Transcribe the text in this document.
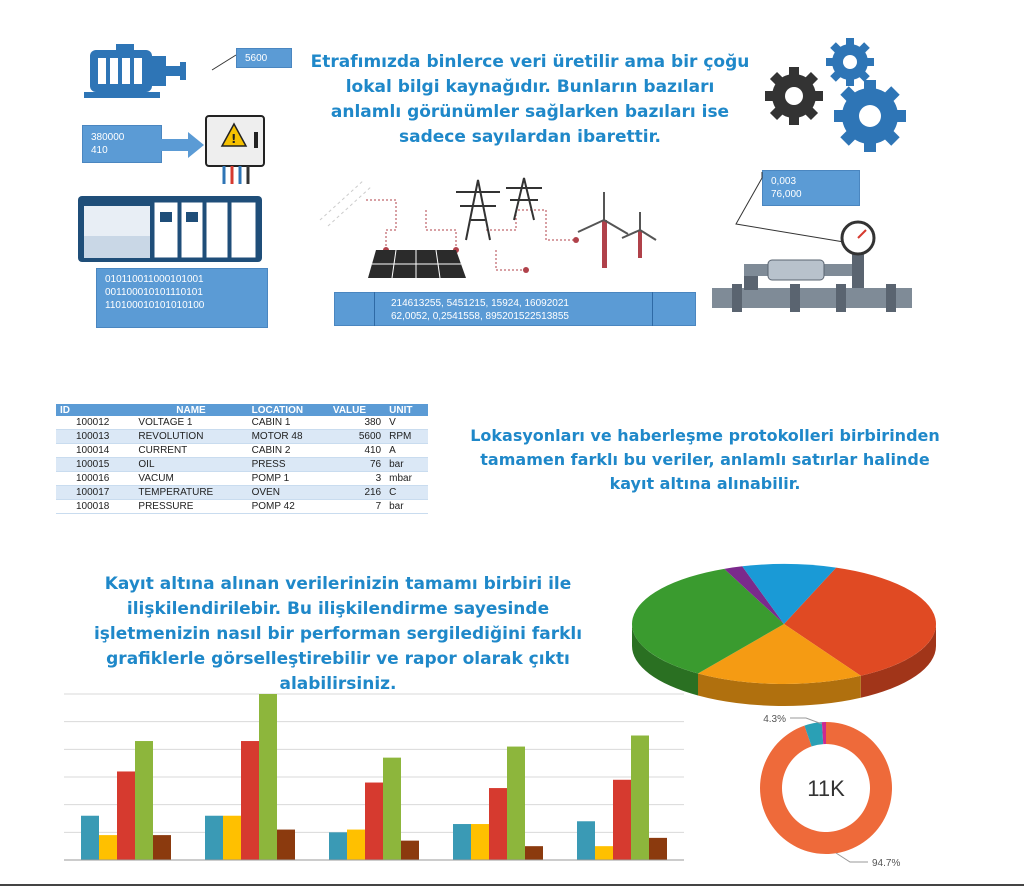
5600
380000
410
!
010110011000101001
001100010101110101
110100010101010100
Etrafımızda binlerce veri üretilir ama bir çoğu lokal bilgi kaynağıdır. Bunların bazıları anlamlı görünümler sağlarken bazıları ise sadece sayılardan ibarettir.
214613255, 5451215, 15924, 16092021
62,0052, 0,2541558, 895201522513855
0,003
76,000
ID	NAME	LOCATION	VALUE	UNIT
100012	VOLTAGE 1	CABIN 1	380	V
100013	REVOLUTION	MOTOR 48	5600	RPM
100014	CURRENT	CABIN 2	410	A
100015	OIL	PRESS	76	bar
100016	VACUM	POMP 1	3	mbar
100017	TEMPERATURE	OVEN	216	C
100018	PRESSURE	POMP 42	7	bar
Lokasyonları ve haberleşme protokolleri birbirinden tamamen farklı bu veriler, anlamlı satırlar halinde kayıt altına alınabilir.
Kayıt altına alınan verilerinizin tamamı birbiri ile ilişkilendirilebir. Bu ilişkilendirme sayesinde işletmenizin nasıl bir performan sergilediğini farklı grafiklerle görselleştirebilir ve rapor olarak çıktı alabilirsiniz.
11K
4.3%
94.7%
